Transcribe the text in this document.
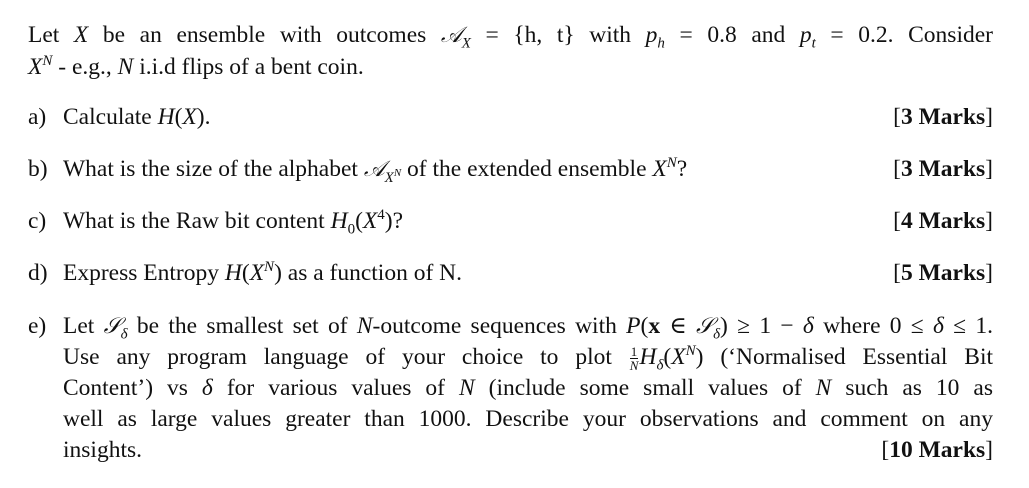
Let X be an ensemble with outcomes 𝒜$_X$ = {h, t} with $p_h = 0.8$ and $p_t = 0.2$. Consider
$X^N - e.g$., N i.i.d flips of a bent coin.
a) Calculate H(X).	[3 Marks]
b) What is the size of the alphabet 𝒜$_{X^N}$ of the extended ensemble $X^N$?	[3 Marks]
c) What is the Raw bit content $H_0(X^4)$?	[4 Marks]
d) Express Entropy $H(X^N)$ as a function of N.	[5 Marks]
e) Let 𝒮$_\delta$ be the smallest set of N-outcome sequences with P(x ∈ 𝒮$_\delta$) ≥ 1 − δ where 0 ≤ δ ≤ 1.
Use any program language of your choice to plot $\frac{1}{N} H_\delta(X^N)$ (‘Normalised Essential Bit
Content’) vs δ for various values of N (include some small values of N such as 10 as
well as large values greater than 1000. Describe your observations and comment on any
insights.	[10 Marks]
